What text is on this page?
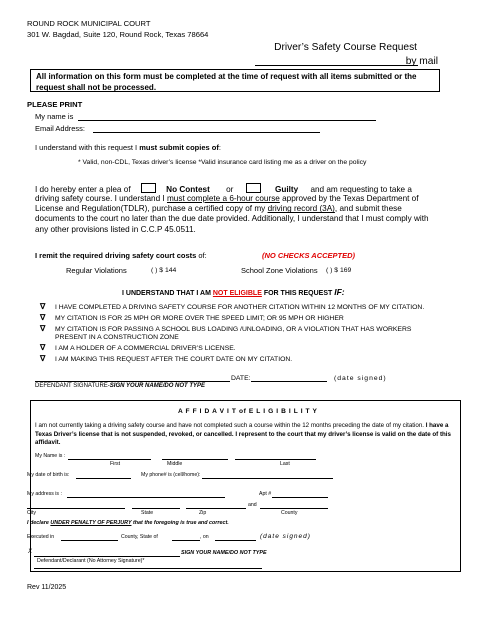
ROUND ROCK MUNICIPAL COURT
301 W. Bagdad, Suite 120, Round Rock, Texas 78664
Driver’s Safety Course Request
by mail
All information on this form must be completed at the time of request with all items submitted or the request shall not be processed.
PLEASE PRINT
My name is
Email Address:
I understand with this request I must submit copies of:
* Valid, non-CDL, Texas driver’s license *Valid insurance card listing me as a driver on the policy
I do hereby enter a plea of	No Contest or	Guilty and am requesting to take a
driving safety course. I understand I must complete a 6-hour course approved by the Texas Department of License and Regulation(TDLR), purchase a certified copy of my driving record (3A), and submit these documents to the court no later than the due date provided. Additionally, I understand that I must comply with any other provisions listed in C.C.P 45.0511.
I remit the required driving safety court costs of:	(NO CHECKS ACCEPTED)
Regular Violations	( ) $ 144	School Zone Violations ( ) $ 169
I UNDERSTAND THAT I AM NOT ELIGIBLE FOR THIS REQUEST IF:
∇ I HAVE COMPLETED A DRIVING SAFETY COURSE FOR ANOTHER CITATION WITHIN 12 MONTHS OF MY CITATION.
∇ MY CITATION IS FOR 25 MPH OR MORE OVER THE SPEED LIMIT; OR 95 MPH OR HIGHER
∇ MY CITATION IS FOR PASSING A SCHOOL BUS LOADING /UNLOADING, OR A VIOLATION THAT HAS WORKERS PRESENT IN A CONSTRUCTION ZONE
∇ I AM A HOLDER OF A COMMERCIAL DRIVER’S LICENSE.
∇ I AM MAKING THIS REQUEST AFTER THE COURT DATE ON MY CITATION.
DATE:	(date signed)
DEFENDANT SIGNATURE-SIGN YOUR NAME/DO NOT TYPE
A F F I D A V I T of E L I G I B I L I T Y
I am not currently taking a driving safety course and have not completed such a course within the 12 months preceding the date of my citation. I have a Texas Driver’s license that is not suspended, revoked, or cancelled. I represent to the court that my driver’s license is valid on the date of this affidavit.
My Name is :
First	Middle	Last
My date of birth is:	My phone# is (cell/home):
My address is :	Apt #
and
City	State	Zip	County
I declare UNDER PENALTY OF PERJURY that the foregoing is true and correct.
Executed in	County, State of	, on	(date signed)
X	SIGN YOUR NAME/DO NOT TYPE
Defendant/Declarant (No Attorney Signature)*
Rev 11/2025
